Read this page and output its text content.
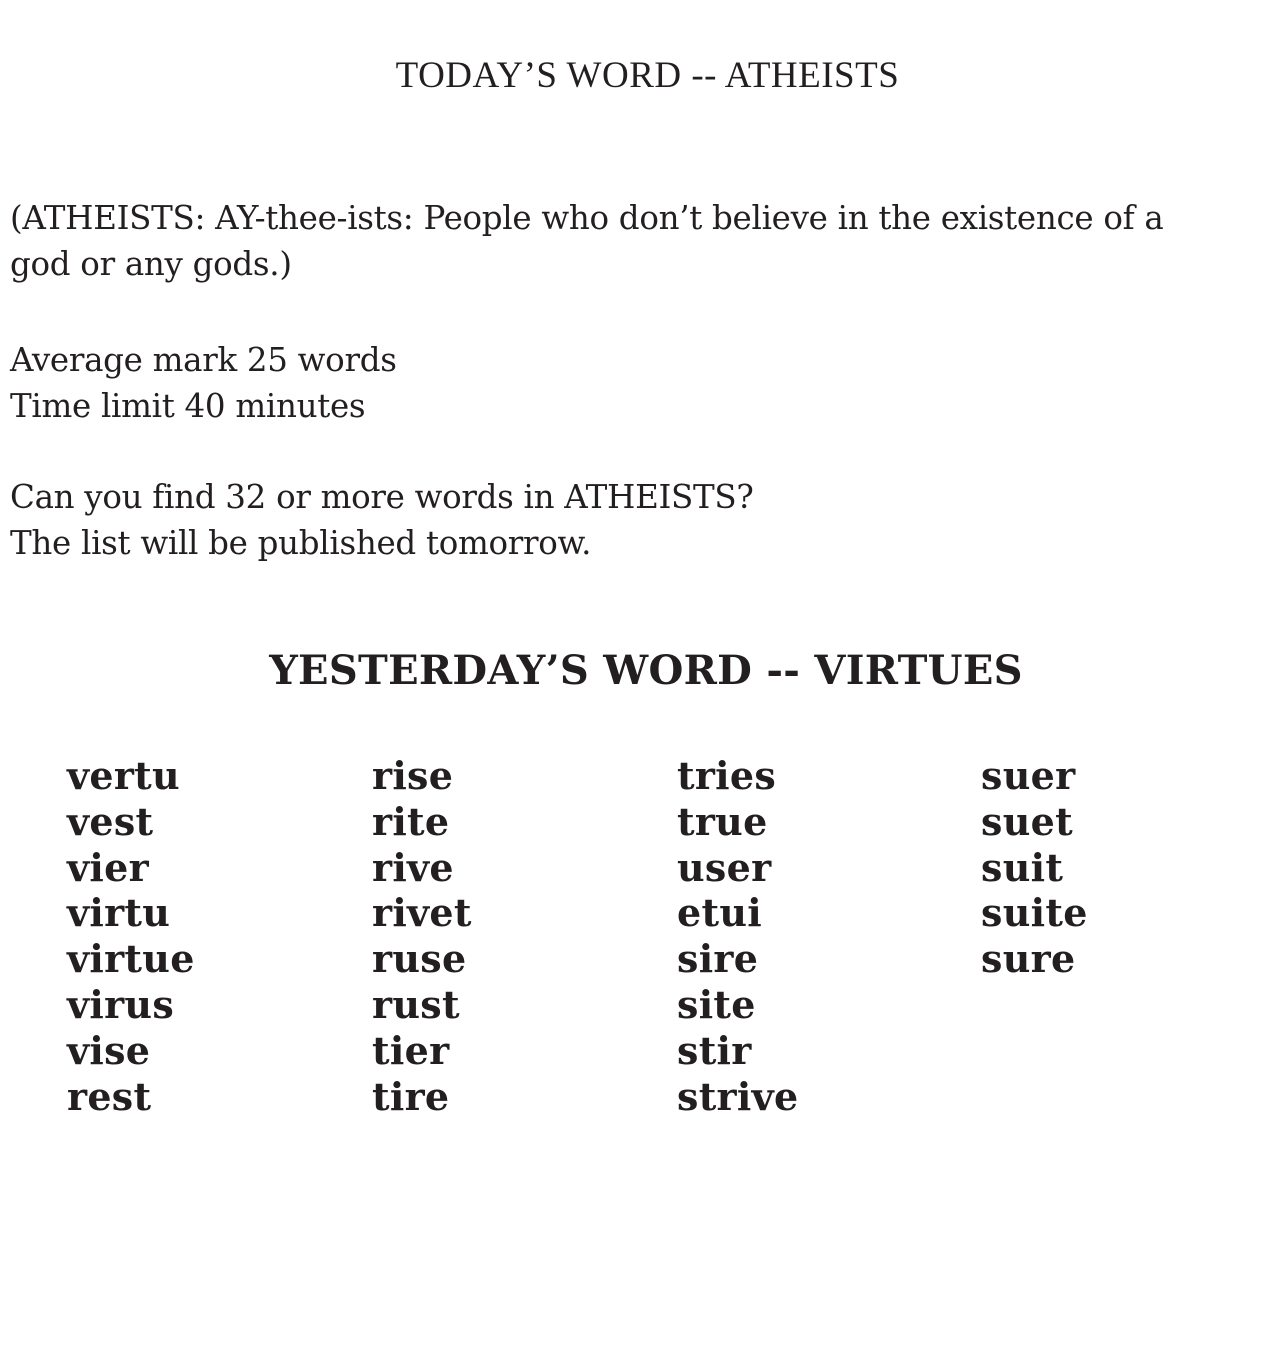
TODAY’S WORD -- ATHEISTS

(ATHEISTS: AY-thee-ists: People who don’t believe in the existence of a
god or any gods.)

Average mark 25 words
Time limit 40 minutes

Can you find 32 or more words in ATHEISTS?
The list will be published tomorrow.

YESTERDAY’S WORD -- VIRTUES
vertu
vest
vier
virtu
virtue
virus
vise
rest
rise
rite
rive
rivet
ruse
rust
tier
tire
tries
true
user
etui
sire
site
stir
strive
suer
suet
suit
suite
sure
